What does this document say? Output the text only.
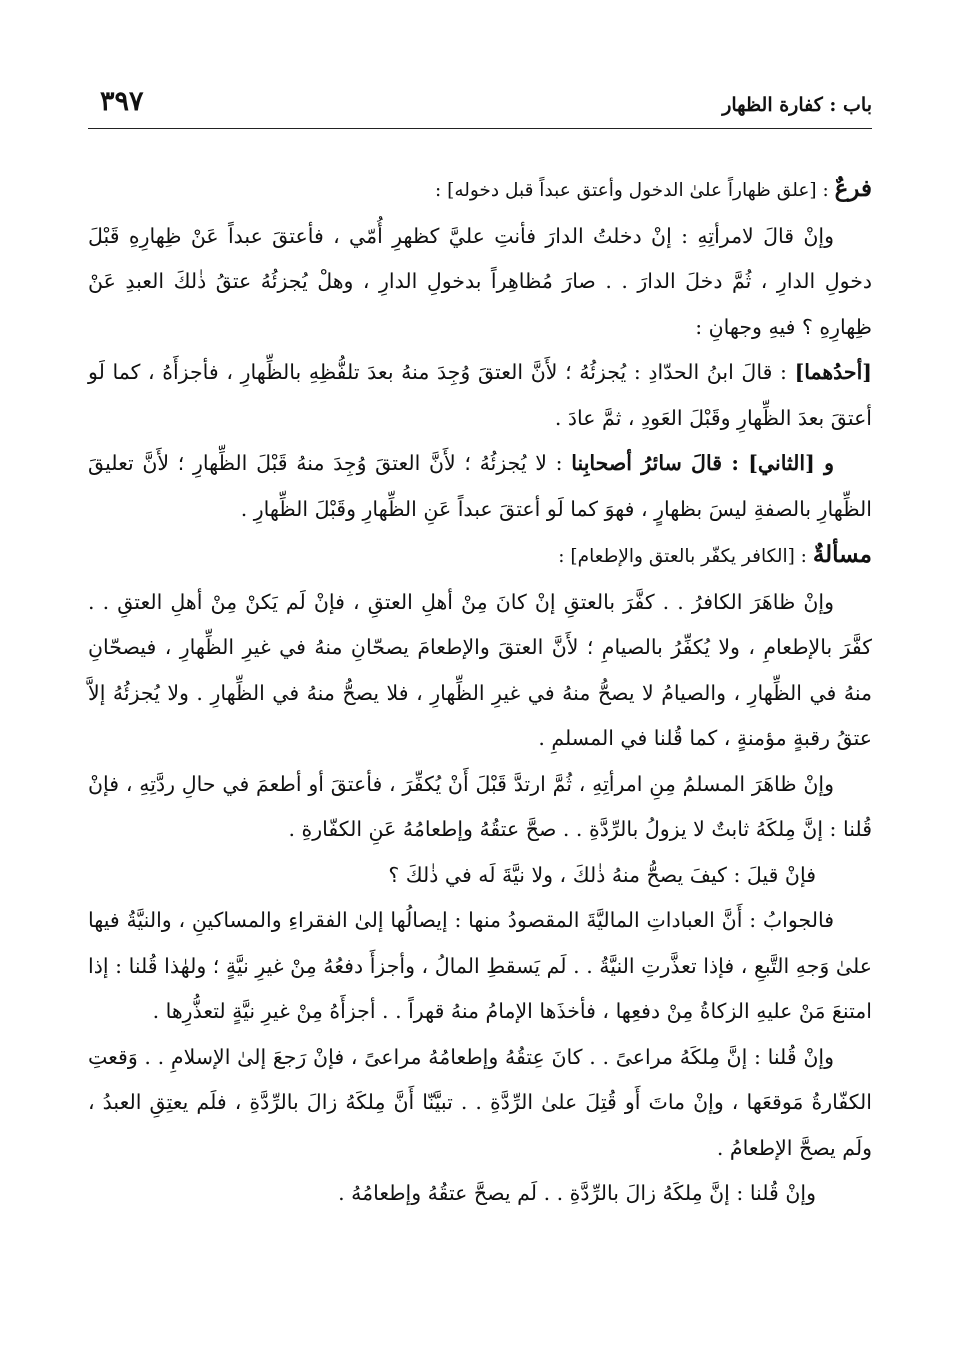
باب : كفارة الظهار
٣٩٧

فرعٌ : [علق ظهاراً علىٰ الدخول وأعتق عبداً قبل دخوله] :

وإنْ قالَ لامرأتِهِ : إنْ دخلتُ الدارَ فأنتِ عليَّ كظهرِ أُمّي ، فأعتقَ عبداً عَنْ ظِهارِهِ قَبْلَ دخولِ الدارِ ، ثُمَّ دخلَ الدارَ . . صارَ مُظاهِراً بدخولِ الدارِ ، وهلْ يُجزئُهُ عتقُ ذٰلكَ العبدِ عَنْ ظِهارِهِ ؟ فيهِ وجهانِ :

[أحدُهما] : قالَ ابنُ الحدّادِ : يُجزئُهُ ؛ لأَنَّ العتقَ وُجِدَ منهُ بعدَ تلفُّظِهِ بالظِّهارِ ، فأجزأَهُ ، كما لَو أعتقَ بعدَ الظِّهارِ وقَبْلَ العَودِ ، ثمَّ عادَ .

و [الثاني] : قالَ سائرُ أصحابِنا : لا يُجزئُهُ ؛ لأَنَّ العتقَ وُجِدَ منهُ قَبْلَ الظِّهارِ ؛ لأَنَّ تعليقَ الظِّهارِ بالصفةِ ليسَ بظهارٍ ، فهوَ كما لَو أعتقَ عبداً عَنِ الظِّهارِ وقَبْلَ الظِّهارِ .

مسألةٌ : [الكافر يكفّر بالعتق والإطعام] :

وإنْ ظاهَرَ الكافرُ . . كفَّرَ بالعتقِ إنْ كانَ مِنْ أهلِ العتقِ ، فإنْ لَم يَكنْ مِنْ أهلِ العتقِ . . كفَّرَ بالإطعامِ ، ولا يُكفِّرُ بالصيامِ ؛ لأَنَّ العتقَ والإطعامَ يصحّانِ منهُ في غيرِ الظِّهارِ ، فيصحّانِ منهُ في الظِّهارِ ، والصيامُ لا يصحُّ منهُ في غيرِ الظِّهارِ ، فلا يصحُّ منهُ في الظِّهارِ . ولا يُجزئُهُ إلاَّ عتقُ رقبةٍ مؤمنةٍ ، كما قُلنا في المسلمِ .

وإنْ ظاهَرَ المسلمُ مِنِ امرأتِهِ ، ثُمَّ ارتدَّ قَبْلَ أَنْ يُكفِّرَ ، فأعتقَ أو أطعمَ في حالِ ردَّتِهِ ، فإنْ قُلنا : إنَّ مِلكَهُ ثابتٌ لا يزولُ بالرِّدَّةِ . . صحَّ عتقُهُ وإطعامُهُ عَنِ الكفّارةِ .

فإنْ قيلَ : كيفَ يصحُّ منهُ ذٰلكَ ، ولا نيَّةَ لَه في ذٰلكَ ؟

فالجوابُ : أَنَّ العباداتِ الماليَّةَ المقصودُ منها : إيصالُها إلىٰ الفقراءِ والمساكينِ ، والنيَّةُ فيها علىٰ وَجهِ التَّبعِ ، فإذا تعذَّرتِ النيَّةُ . . لَم يَسقطِ المالُ ، وأجزأَ دفعُهُ مِنْ غيرِ نيَّةٍ ؛ ولهٰذا قُلنا : إذا امتنعَ مَنْ عليهِ الزكاةُ مِنْ دفعِها ، فأخذَها الإمامُ منهُ قهراً . . أجزأَهُ مِنْ غيرِ نيَّةٍ لتعذُّرِها .

وإنْ قُلنا : إنَّ مِلكَهُ مراعىً . . كانَ عِتقُهُ وإطعامُهُ مراعىً ، فإنْ رَجعَ إلىٰ الإسلامِ . . وَقعتِ الكفّارةُ مَوقعَها ، وإنْ ماتَ أَو قُتِلَ علىٰ الرِّدَّةِ . . تبيَّنّا أَنَّ مِلكَهُ زالَ بالرِّدَّةِ ، فلَم يعتِقِ العبدُ ، ولَم يصحَّ الإطعامُ .

وإنْ قُلنا : إنَّ مِلكَهُ زالَ بالرِّدَّةِ . . لَم يصحَّ عتقُهُ وإطعامُهُ .
